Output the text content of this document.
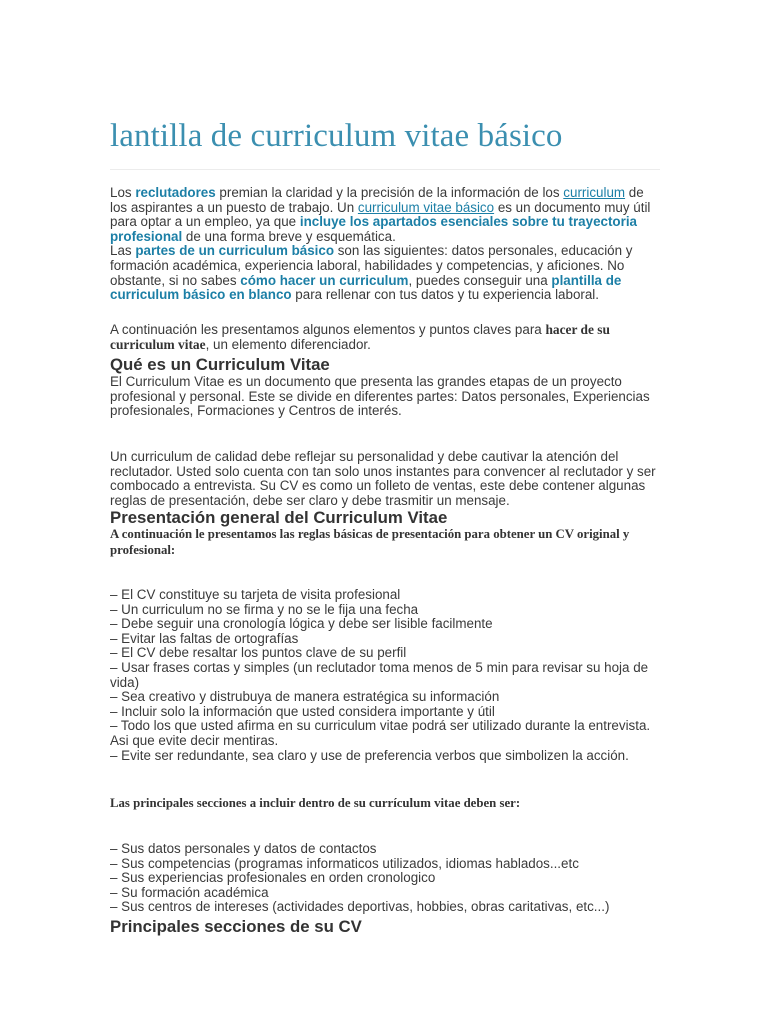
lantilla de curriculum vitae básico

Los reclutadores premian la claridad y la precisión de la información de los curriculum de los aspirantes a un puesto de trabajo. Un curriculum vitae básico es un documento muy útil para optar a un empleo, ya que incluye los apartados esenciales sobre tu trayectoria profesional de una forma breve y esquemática.

Las partes de un curriculum básico son las siguientes: datos personales, educación y formación académica, experiencia laboral, habilidades y competencias, y aficiones. No obstante, si no sabes cómo hacer un curriculum, puedes conseguir una plantilla de curriculum básico en blanco para rellenar con tus datos y tu experiencia laboral.

A continuación les presentamos algunos elementos y puntos claves para hacer de su curriculum vitae, un elemento diferenciador.

Qué es un Curriculum Vitae

El Curriculum Vitae es un documento que presenta las grandes etapas de un proyecto profesional y personal. Este se divide en diferentes partes: Datos personales, Experiencias profesionales, Formaciones y Centros de interés.

Un curriculum de calidad debe reflejar su personalidad y debe cautivar la atención del reclutador. Usted solo cuenta con tan solo unos instantes para convencer al reclutador y ser combocado a entrevista. Su CV es como un folleto de ventas, este debe contener algunas reglas de presentación, debe ser claro y debe trasmitir un mensaje.

Presentación general del Curriculum Vitae

A continuación le presentamos las reglas básicas de presentación para obtener un CV original y profesional:

– El CV constituye su tarjeta de visita profesional
– Un curriculum no se firma y no se le fija una fecha
– Debe seguir una cronología lógica y debe ser lisible facilmente
– Evitar las faltas de ortografías
– El CV debe resaltar los puntos clave de su perfil
– Usar frases cortas y simples (un reclutador toma menos de 5 min para revisar su hoja de vida)
– Sea creativo y distrubuya de manera estratégica su información
– Incluir solo la información que usted considera importante y útil
– Todo los que usted afirma en su curriculum vitae podrá ser utilizado durante la entrevista. Asi que evite decir mentiras.
– Evite ser redundante, sea claro y use de preferencia verbos que simbolizen la acción.

Las principales secciones a incluir dentro de su currículum vitae deben ser:

– Sus datos personales y datos de contactos
– Sus competencias (programas informaticos utilizados, idiomas hablados...etc
– Sus experiencias profesionales en orden cronologico
– Su formación académica
– Sus centros de intereses (actividades deportivas, hobbies, obras caritativas, etc...)
Principales secciones de su CV
